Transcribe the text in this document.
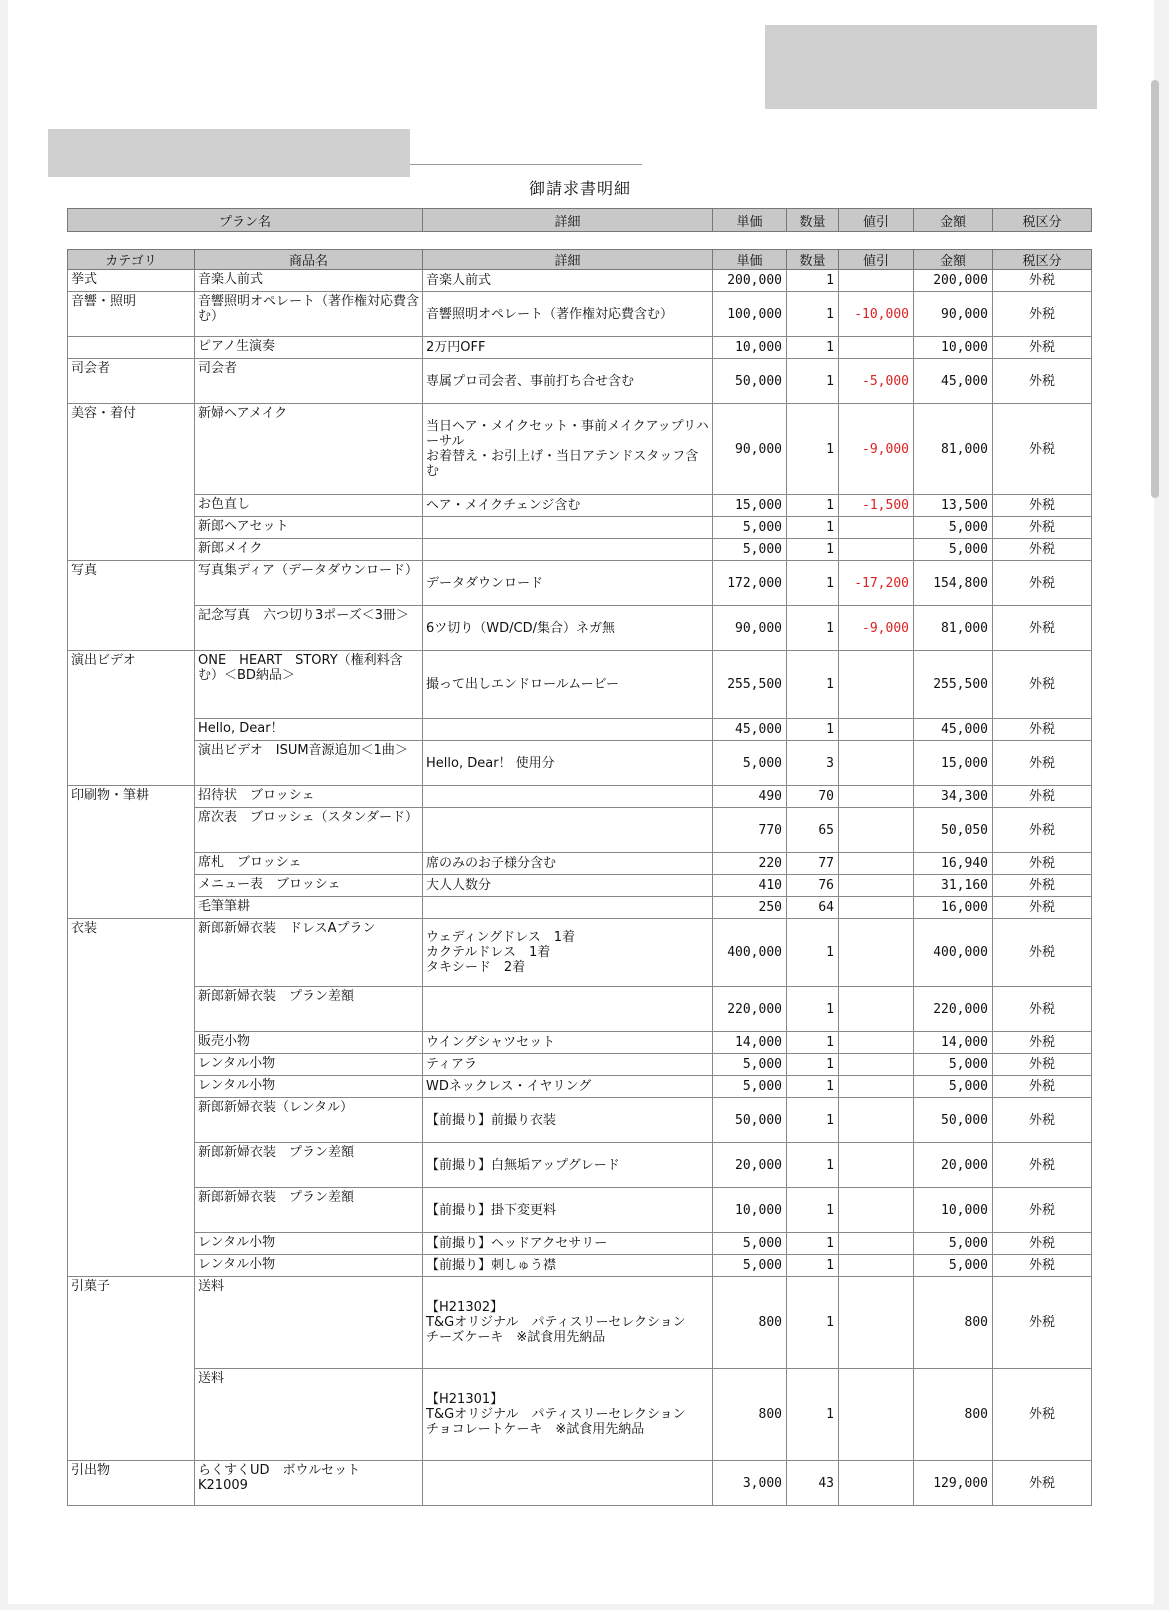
御請求書明細
プラン名	詳細	単価	数量	値引	金額	税区分
カテゴリ	商品名	詳細	単価	数量	値引	金額	税区分
挙式	音楽人前式	音楽人前式	200,000	1		200,000	外税
音響・照明	音響照明オペレート（著作権対応費含む）	音響照明オペレート（著作権対応費含む）	100,000	1	-10,000	90,000	外税
	ピアノ生演奏	2万円OFF	10,000	1		10,000	外税
司会者	司会者	専属プロ司会者、事前打ち合せ含む	50,000	1	-5,000	45,000	外税
美容・着付	新婦ヘアメイク	当日ヘア・メイクセット・事前メイクアップリハーサル
お着替え・お引上げ・当日アテンドスタッフ含む	90,000	1	-9,000	81,000	外税
	お色直し	ヘア・メイクチェンジ含む	15,000	1	-1,500	13,500	外税
	新郎ヘアセット		5,000	1		5,000	外税
	新郎メイク		5,000	1		5,000	外税
写真	写真集ディア（データダウンロード）	データダウンロード	172,000	1	-17,200	154,800	外税
	記念写真　六つ切り3ポーズ＜3冊＞	6ツ切り（WD/CD/集合）ネガ無	90,000	1	-9,000	81,000	外税
演出ビデオ	ONE　HEART　STORY（権利料含む）＜BD納品＞	撮って出しエンドロールムービー	255,500	1		255,500	外税
	Hello, Dear！		45,000	1		45,000	外税
	演出ビデオ　ISUM音源追加＜1曲＞	Hello, Dear！ 使用分	5,000	3		15,000	外税
印刷物・筆耕	招待状　ブロッシェ		490	70		34,300	外税
	席次表　ブロッシェ（スタンダード）		770	65		50,050	外税
	席札　ブロッシェ	席のみのお子様分含む	220	77		16,940	外税
	メニュー表　ブロッシェ	大人人数分	410	76		31,160	外税
	毛筆筆耕		250	64		16,000	外税
衣装	新郎新婦衣装　ドレスAプラン	ウェディングドレス　1着
カクテルドレス　1着
タキシード　2着	400,000	1		400,000	外税
	新郎新婦衣装　プラン差額		220,000	1		220,000	外税
	販売小物	ウイングシャツセット	14,000	1		14,000	外税
	レンタル小物	ティアラ	5,000	1		5,000	外税
	レンタル小物	WDネックレス・イヤリング	5,000	1		5,000	外税
	新郎新婦衣装（レンタル）	【前撮り】前撮り衣装	50,000	1		50,000	外税
	新郎新婦衣装　プラン差額	【前撮り】白無垢アップグレード	20,000	1		20,000	外税
	新郎新婦衣装　プラン差額	【前撮り】掛下変更料	10,000	1		10,000	外税
	レンタル小物	【前撮り】ヘッドアクセサリー	5,000	1		5,000	外税
	レンタル小物	【前撮り】刺しゅう襟	5,000	1		5,000	外税
引菓子	送料	【H21302】
T&Gオリジナル　パティスリーセレクション
チーズケーキ　※試食用先納品	800	1		800	外税
	送料	【H21301】
T&Gオリジナル　パティスリーセレクション
チョコレートケーキ　※試食用先納品	800	1		800	外税
引出物	らくすくUD　ボウルセット　K21009		3,000	43		129,000	外税
